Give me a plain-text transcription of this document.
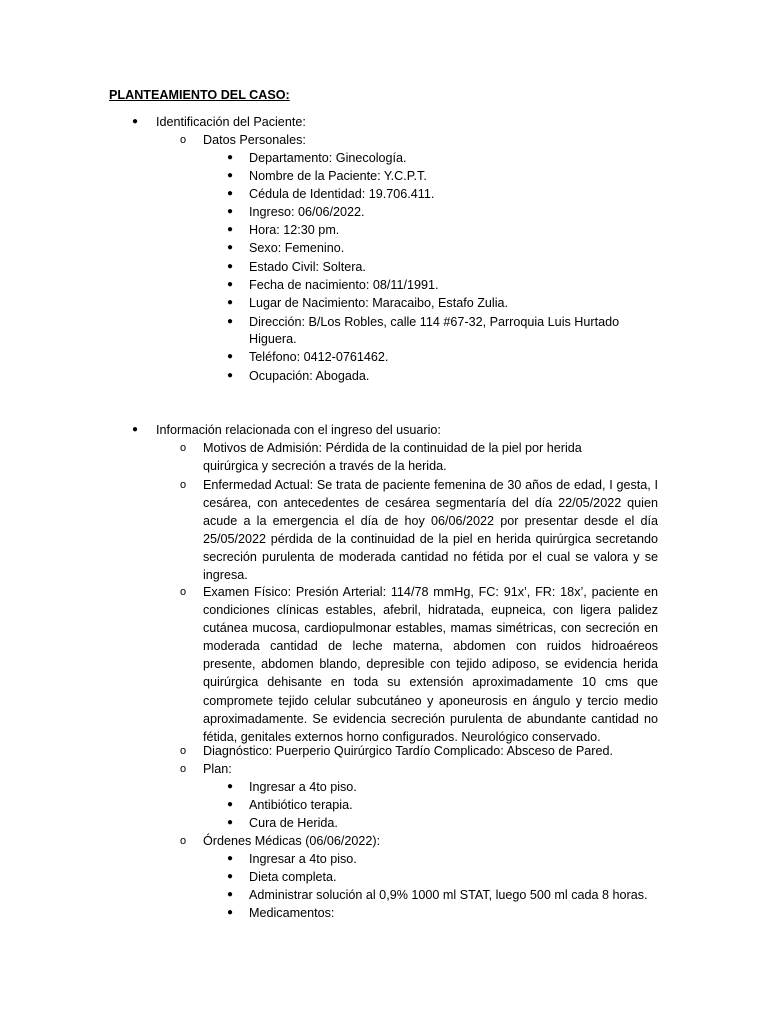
PLANTEAMIENTO DEL CASO:
● Identificación del Paciente:
o Datos Personales:
● Departamento: Ginecología.
● Nombre de la Paciente: Y.C.P.T.
● Cédula de Identidad: 19.706.411.
● Ingreso: 06/06/2022.
● Hora: 12:30 pm.
● Sexo: Femenino.
● Estado Civil: Soltera.
● Fecha de nacimiento: 08/11/1991.
● Lugar de Nacimiento: Maracaibo, Estafo Zulia.
● Dirección: B/Los Robles, calle 114 #67-32, Parroquia Luis Hurtado
Higuera.
● Teléfono: 0412-0761462.
● Ocupación: Abogada.
● Información relacionada con el ingreso del usuario:
o Motivos de Admisión: Pérdida de la continuidad de la piel por herida quirúrgica y secreción a través de la herida.
o Enfermedad Actual: Se trata de paciente femenina de 30 años de edad, I gesta, I cesárea, con antecedentes de cesárea segmentaría del día 22/05/2022 quien acude a la emergencia el día de hoy 06/06/2022 por presentar desde el día 25/05/2022 pérdida de la continuidad de la piel en herida quirúrgica secretando secreción purulenta de moderada cantidad no fétida por el cual se valora y se ingresa.
o Examen Físico: Presión Arterial: 114/78 mmHg, FC: 91x’, FR: 18x’, paciente en condiciones clínicas estables, afebril, hidratada, eupneica, con ligera palidez cutánea mucosa, cardiopulmonar estables, mamas simétricas, con secreción en moderada cantidad de leche materna, abdomen con ruidos hidroaéreos presente, abdomen blando, depresible con tejido adiposo, se evidencia herida quirúrgica dehisante en toda su extensión aproximadamente 10 cms que compromete tejido celular subcutáneo y aponeurosis en ángulo y tercio medio aproximadamente. Se evidencia secreción purulenta de abundante cantidad no fétida, genitales externos horno configurados. Neurológico conservado.
o Diagnóstico: Puerperio Quirúrgico Tardío Complicado: Absceso de Pared.
o Plan:
● Ingresar a 4to piso.
● Antibiótico terapia.
● Cura de Herida.
o Órdenes Médicas (06/06/2022):
● Ingresar a 4to piso.
● Dieta completa.
● Administrar solución al 0,9% 1000 ml STAT, luego 500 ml cada 8 horas.
● Medicamentos:
